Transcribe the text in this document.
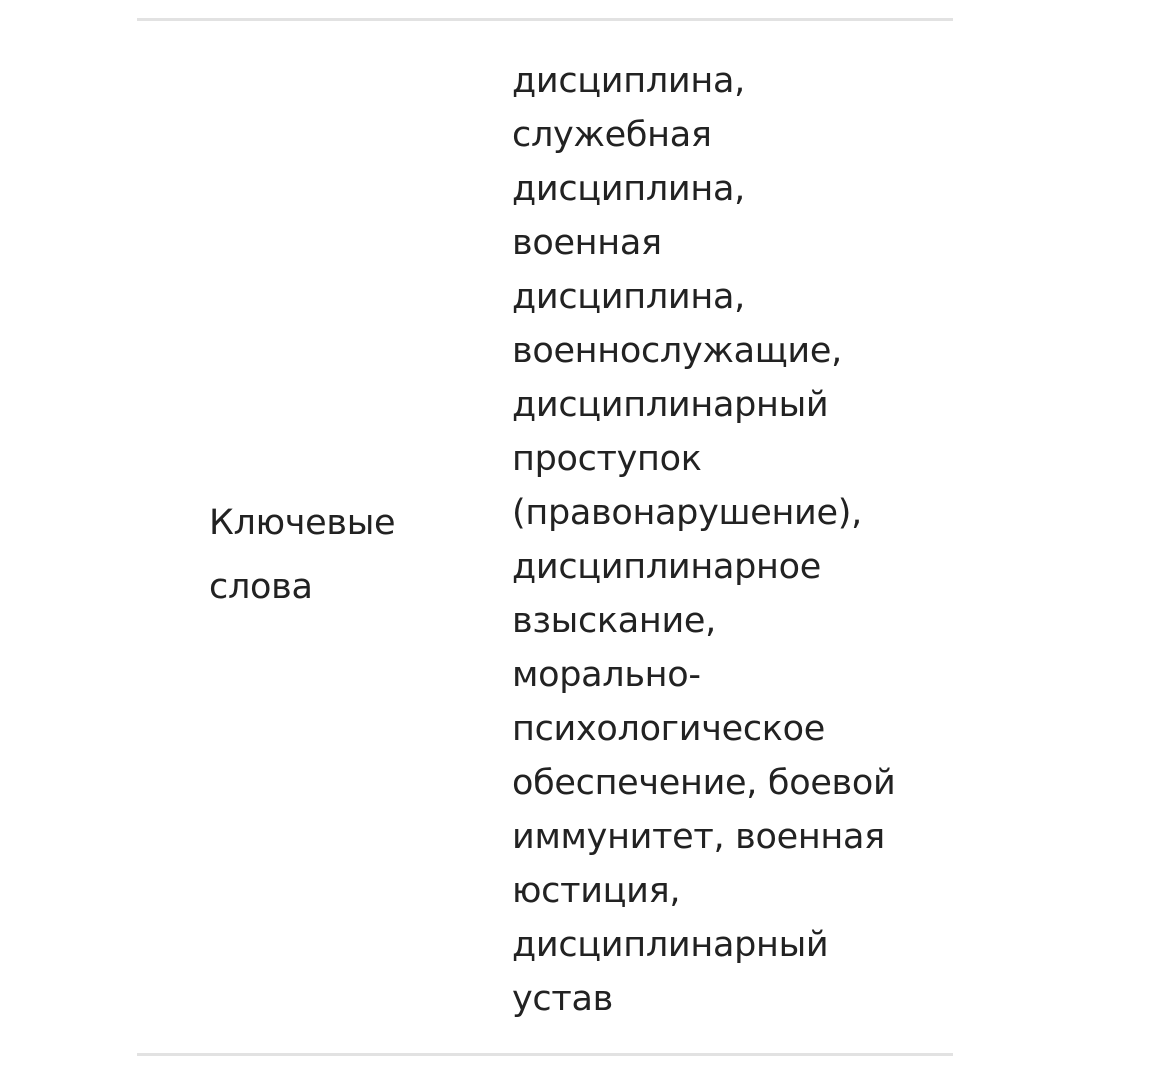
Ключевые
слова
дисциплина,
служебная
дисциплина,
военная
дисциплина,
военнослужащие,
дисциплинарный
проступок
(правонарушение),
дисциплинарное
взыскание,
морально-
психологическое
обеспечение, боевой
иммунитет, военная
юстиция,
дисциплинарный
устав
